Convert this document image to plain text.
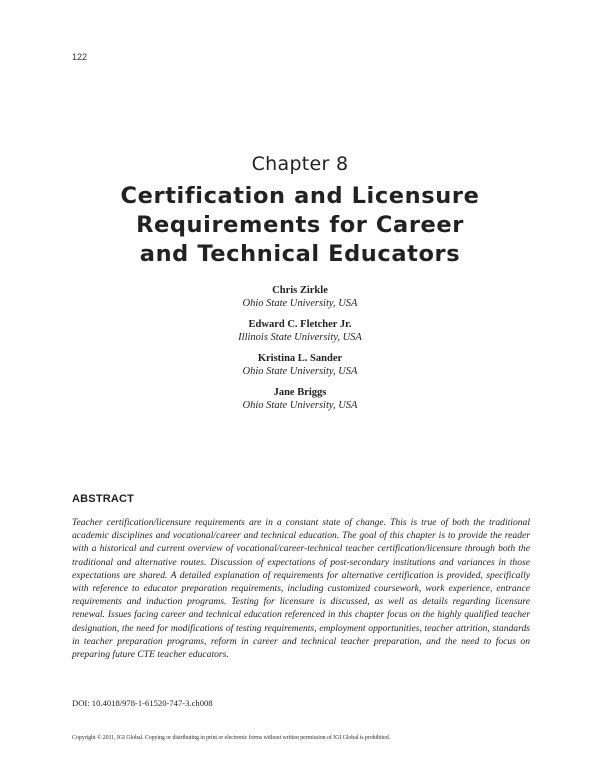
122
Chapter 8
Certification and Licensure
Requirements for Career
and Technical Educators
Chris Zirkle
Ohio State University, USA
Edward C. Fletcher Jr.
Illinois State University, USA
Kristina L. Sander
Ohio State University, USA
Jane Briggs
Ohio State University, USA
ABSTRACT

Teacher certification/licensure requirements are in a constant state of change. This is true of both the traditional academic disciplines and vocational/career and technical education. The goal of this chapter is to provide the reader with a historical and current overview of vocational/career-technical teacher certification/licensure through both the traditional and alternative routes. Discussion of expectations of post-secondary institutions and variances in those expectations are shared. A detailed explanation of requirements for alternative certification is provided, specifically with reference to educator preparation requirements, including customized coursework, work experience, entrance requirements and induction programs. Testing for licensure is discussed, as well as details regarding licensure renewal. Issues facing career and technical education referenced in this chapter focus on the highly qualified teacher designation, the need for modifications of testing requirements, employment opportunities, teacher attrition, standards in teacher preparation programs, reform in career and technical teacher preparation, and the need to focus on preparing future CTE teacher educators.

DOI: 10.4018/978-1-61520-747-3.ch008
Copyright © 2011, IGI Global. Copying or distributing in print or electronic forms without written permission of IGI Global is prohibited.
